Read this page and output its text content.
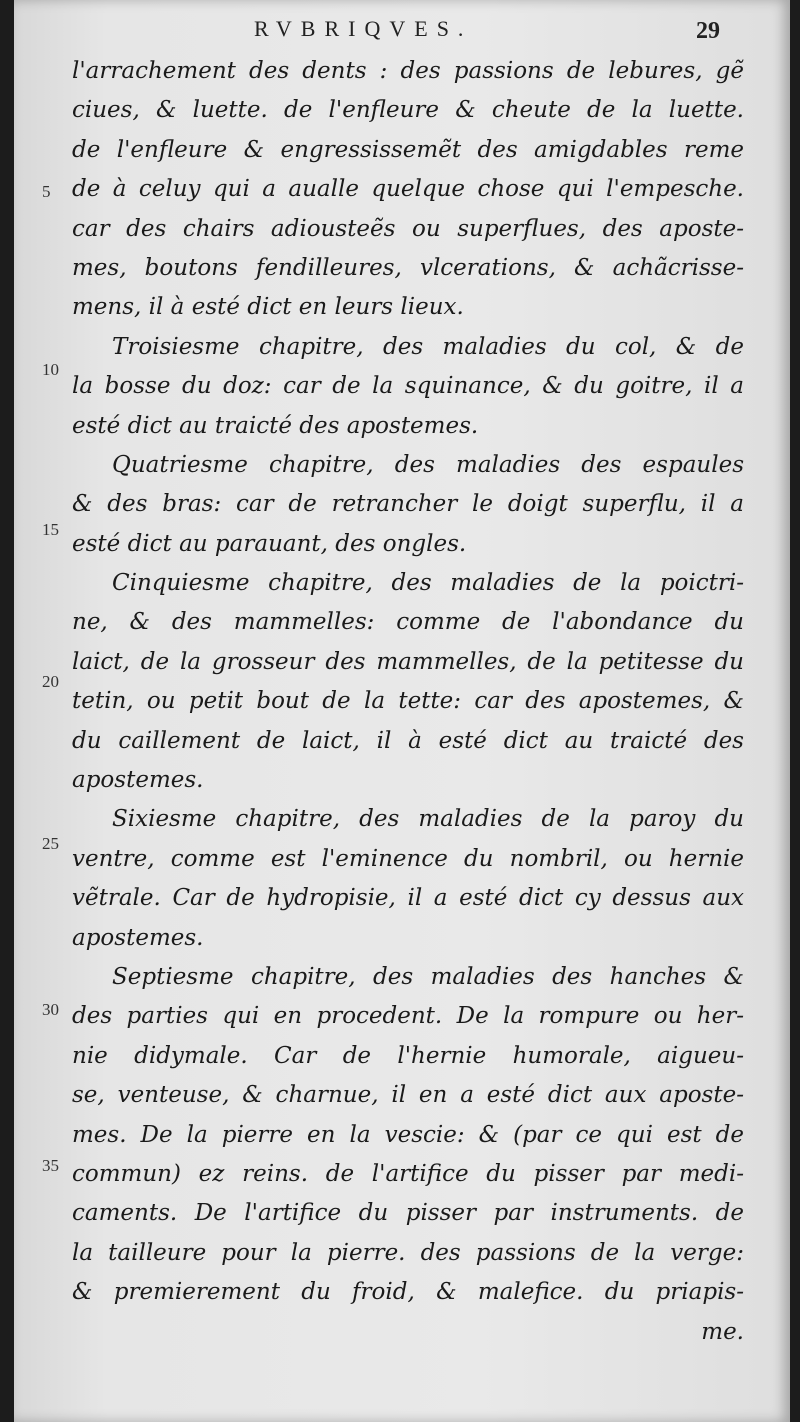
RVBRIQVES.	29
5
10
15
20
25
30
35
l'arrachement des dents : des passions de lebures, gẽ
ciues, & luette. de l'enfleure & cheute de la luette.
de l'enfleure & engressissemẽt des amigdables reme
de à celuy qui a aualle quelque chose qui l'empesche.
car des chairs adiousteẽs ou superflues, des aposte-
mes, boutons fendilleures, vlcerations, & achãcrisse-
mens, il à esté dict en leurs lieux.
Troisiesme chapitre, des maladies du col, & de
la bosse du doz: car de la squinance, & du goitre, il a
esté dict au traicté des apostemes.
Quatriesme chapitre, des maladies des espaules
& des bras: car de retrancher le doigt superflu, il a
esté dict au parauant, des ongles.
Cinquiesme chapitre, des maladies de la poictri-
ne, & des mammelles: comme de l'abondance du
laict, de la grosseur des mammelles, de la petitesse du
tetin, ou petit bout de la tette: car des apostemes, &
du caillement de laict, il à esté dict au traicté des
apostemes.
Sixiesme chapitre, des maladies de la paroy du
ventre, comme est l'eminence du nombril, ou hernie
vẽtrale. Car de hydropisie, il a esté dict cy dessus aux
apostemes.
Septiesme chapitre, des maladies des hanches &
des parties qui en procedent. De la rompure ou her-
nie didymale. Car de l'hernie humorale, aigueu-
se, venteuse, & charnue, il en a esté dict aux aposte-
mes. De la pierre en la vescie: & (par ce qui est de
commun) ez reins. de l'artifice du pisser par medi-
caments. De l'artifice du pisser par instruments. de
la tailleure pour la pierre. des passions de la verge:
& premierement du froid, & malefice. du priapis-
me.
